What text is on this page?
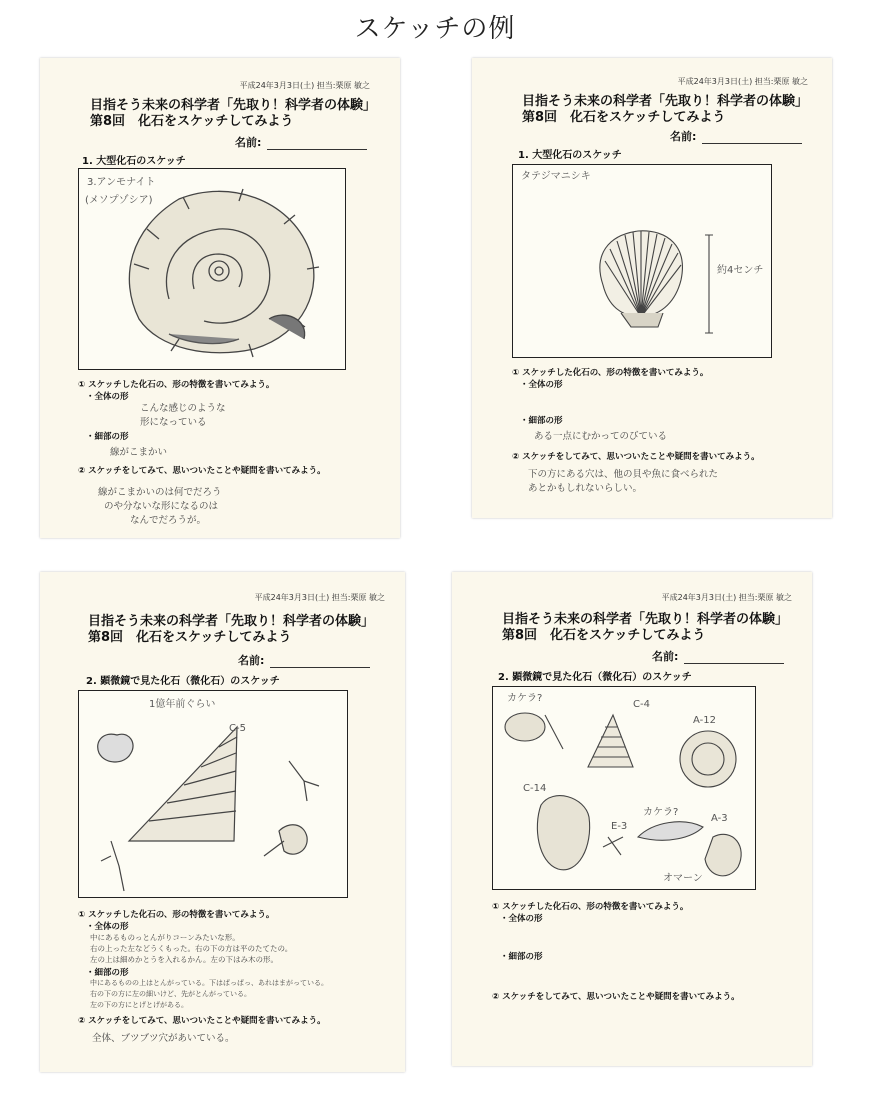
スケッチの例
平成24年3月3日(土) 担当:栗原 敏之
目指そう未来の科学者「先取り！科学者の体験」
第8回　化石をスケッチしてみよう
名前:
1. 大型化石のスケッチ
3.アンモナイト
(メソプゾシア)
① スケッチした化石の、形の特徴を書いてみよう。
・全体の形
こんな感じのような
形になっている
・細部の形
線がこまかい
② スケッチをしてみて、思いついたことや疑問を書いてみよう。
線がこまかいのは何でだろう
のや分ないな形になるのは
なんでだろうが。
平成24年3月3日(土) 担当:栗原 敏之
目指そう未来の科学者「先取り！科学者の体験」
第8回　化石をスケッチしてみよう
名前:
1. 大型化石のスケッチ
タテジマニシキ
約4センチ
① スケッチした化石の、形の特徴を書いてみよう。
・全体の形
・細部の形
ある一点にむかってのびている
② スケッチをしてみて、思いついたことや疑問を書いてみよう。
下の方にある穴は、他の貝や魚に食べられた
あとかもしれないらしい。
平成24年3月3日(土) 担当:栗原 敏之
目指そう未来の科学者「先取り！科学者の体験」
第8回　化石をスケッチしてみよう
名前:
2. 顕微鏡で見た化石（微化石）のスケッチ
1億年前ぐらい
C-5
① スケッチした化石の、形の特徴を書いてみよう。
・全体の形
中にあるものっとんがりコーンみたいな形。
右の上った左などうくもった。右の下の方は平のたてたの。
左の上は細めかとうを入れるかん。左の下はみ木の形。
・細部の形
中にあるものの上はとんがっている。下はぱっぱっ、あれはまがっている。
右の下の方に左の細いけど、先がとんがっている。
左の下の方にとげとげがある。
② スケッチをしてみて、思いついたことや疑問を書いてみよう。
全体、ブツブツ穴があいている。
平成24年3月3日(土) 担当:栗原 敏之
目指そう未来の科学者「先取り！科学者の体験」
第8回　化石をスケッチしてみよう
名前:
2. 顕微鏡で見た化石（微化石）のスケッチ
カケラ?
C-4
A-12
C-14
カケラ?
A-3
E-3
オマーン
① スケッチした化石の、形の特徴を書いてみよう。
・全体の形
・細部の形
② スケッチをしてみて、思いついたことや疑問を書いてみよう。
